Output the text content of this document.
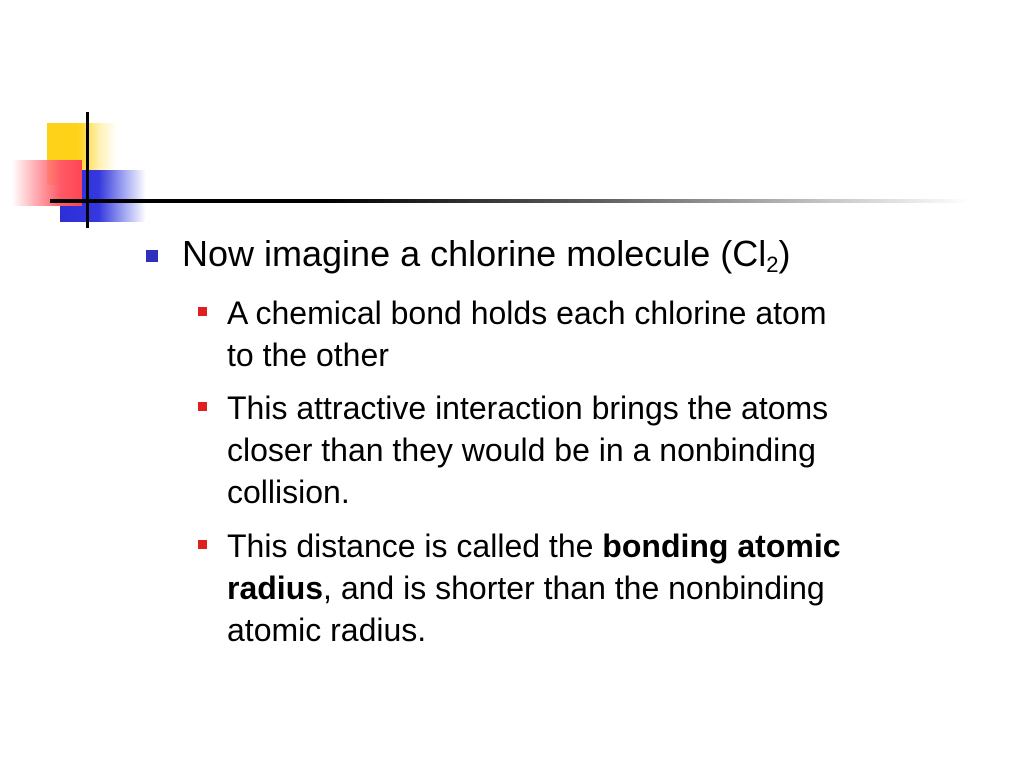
Now imagine a chlorine molecule $(Cl_2)$
A chemical bond holds each chlorine atom
to the other
This attractive interaction brings the atoms
closer than they would be in a nonbinding
collision.
This distance is called the bonding atomic
radius, and is shorter than the nonbinding
atomic radius.
